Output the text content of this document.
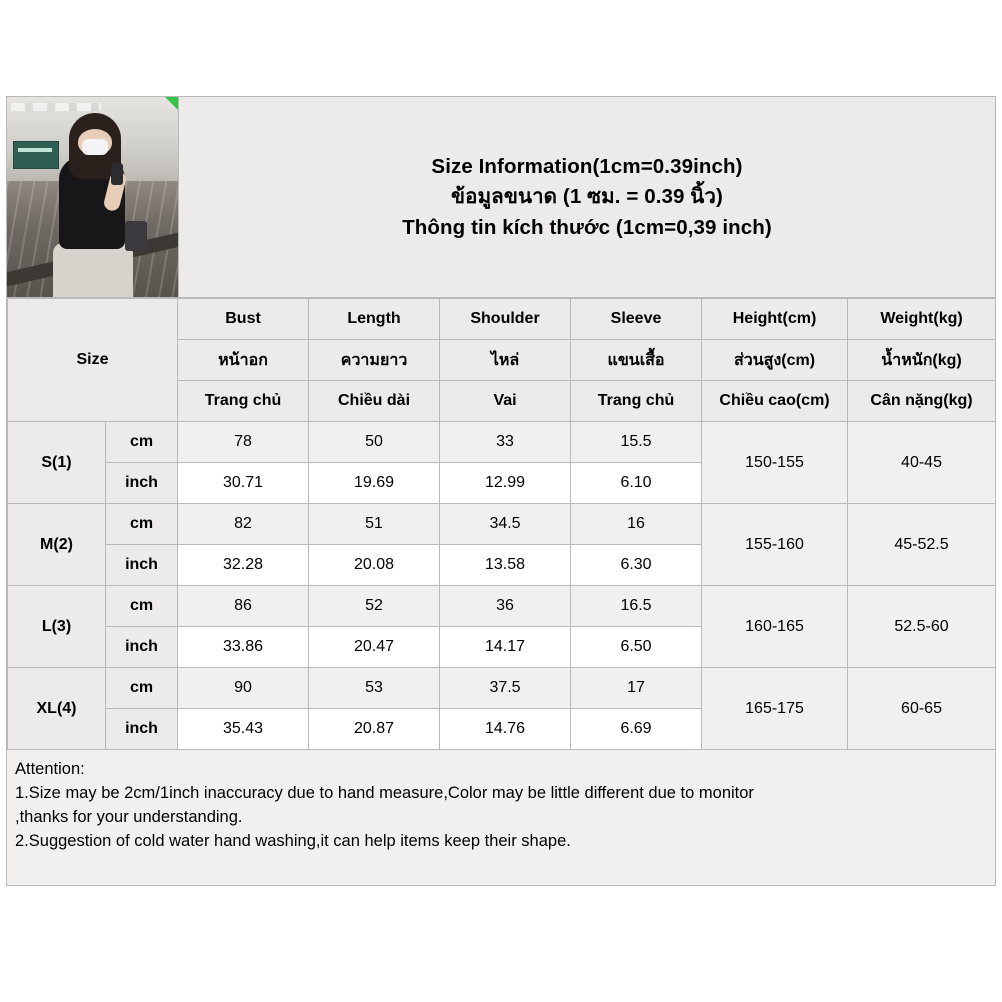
Size Information(1cm=0.39inch)
ข้อมูลขนาด (1 ซม. = 0.39 นิ้ว)
Thông tin kích thước (1cm=0,39 inch)
Size		Bust	Length	Shoulder	Sleeve	Height(cm)	Weight(kg)
		หน้าอก	ความยาว	ไหล่	แขนเสื้อ	ส่วนสูง(cm)	น้ำหนัก(kg)
		Trang chủ	Chiều dài	Vai	Trang chủ	Chiều cao(cm)	Cân nặng(kg)
S(1)	cm	78	50	33	15.5	150-155	40-45
	inch	30.71	19.69	12.99	6.10		
M(2)	cm	82	51	34.5	16	155-160	45-52.5
	inch	32.28	20.08	13.58	6.30		
L(3)	cm	86	52	36	16.5	160-165	52.5-60
	inch	33.86	20.47	14.17	6.50		
XL(4)	cm	90	53	37.5	17	165-175	60-65
	inch	35.43	20.87	14.76	6.69		

Attention:

1.Size may be 2cm/1inch inaccuracy due to hand measure,Color may be little different due to monitor

,thanks for your understanding.

2.Suggestion of cold water hand washing,it can help items keep their shape.
